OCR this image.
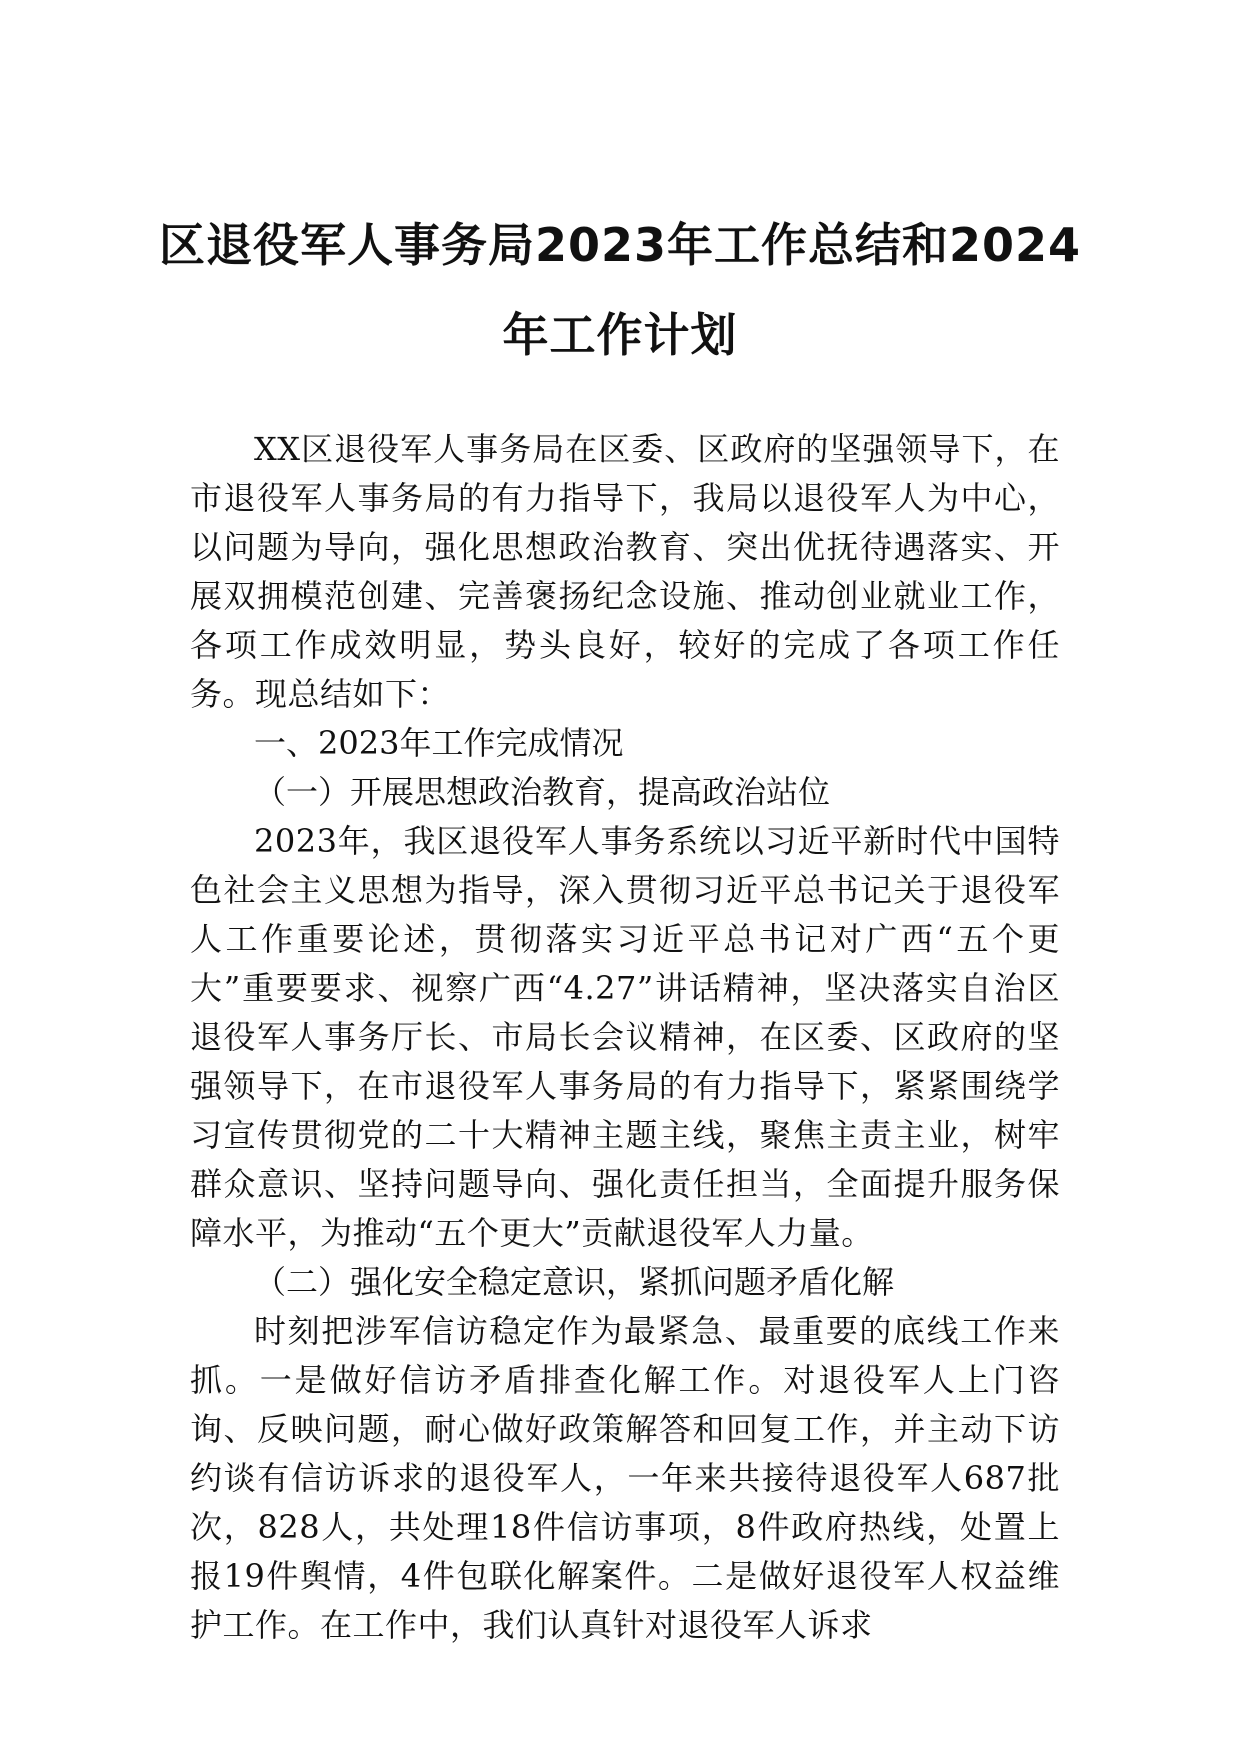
区退役军人事务局2023年工作总结和2024
年工作计划

XX区退役军人事务局在区委、区政府的坚强领导下，在市退役军人事务局的有力指导下，我局以退役军人为中心，以问题为导向，强化思想政治教育、突出优抚待遇落实、开展双拥模范创建、完善褒扬纪念设施、推动创业就业工作，各项工作成效明显，势头良好，较好的完成了各项工作任务。现总结如下：

一、2023年工作完成情况

（一）开展思想政治教育，提高政治站位

2023年，我区退役军人事务系统以习近平新时代中国特色社会主义思想为指导，深入贯彻习近平总书记关于退役军人工作重要论述，贯彻落实习近平总书记对广西“五个更大”重要要求、视察广西“4.27”讲话精神，坚决落实自治区退役军人事务厅长、市局长会议精神，在区委、区政府的坚强领导下，在市退役军人事务局的有力指导下，紧紧围绕学习宣传贯彻党的二十大精神主题主线，聚焦主责主业，树牢群众意识、坚持问题导向、强化责任担当，全面提升服务保障水平，为推动“五个更大”贡献退役军人力量。

（二）强化安全稳定意识，紧抓问题矛盾化解

时刻把涉军信访稳定作为最紧急、最重要的底线工作来抓。一是做好信访矛盾排查化解工作。对退役军人上门咨询、反映问题，耐心做好政策解答和回复工作，并主动下访约谈有信访诉求的退役军人，一年来共接待退役军人687批次，828人，共处理18件信访事项，8件政府热线，处置上报19件舆情，4件包联化解案件。二是做好退役军人权益维护工作。在工作中，我们认真针对退役军人诉求
